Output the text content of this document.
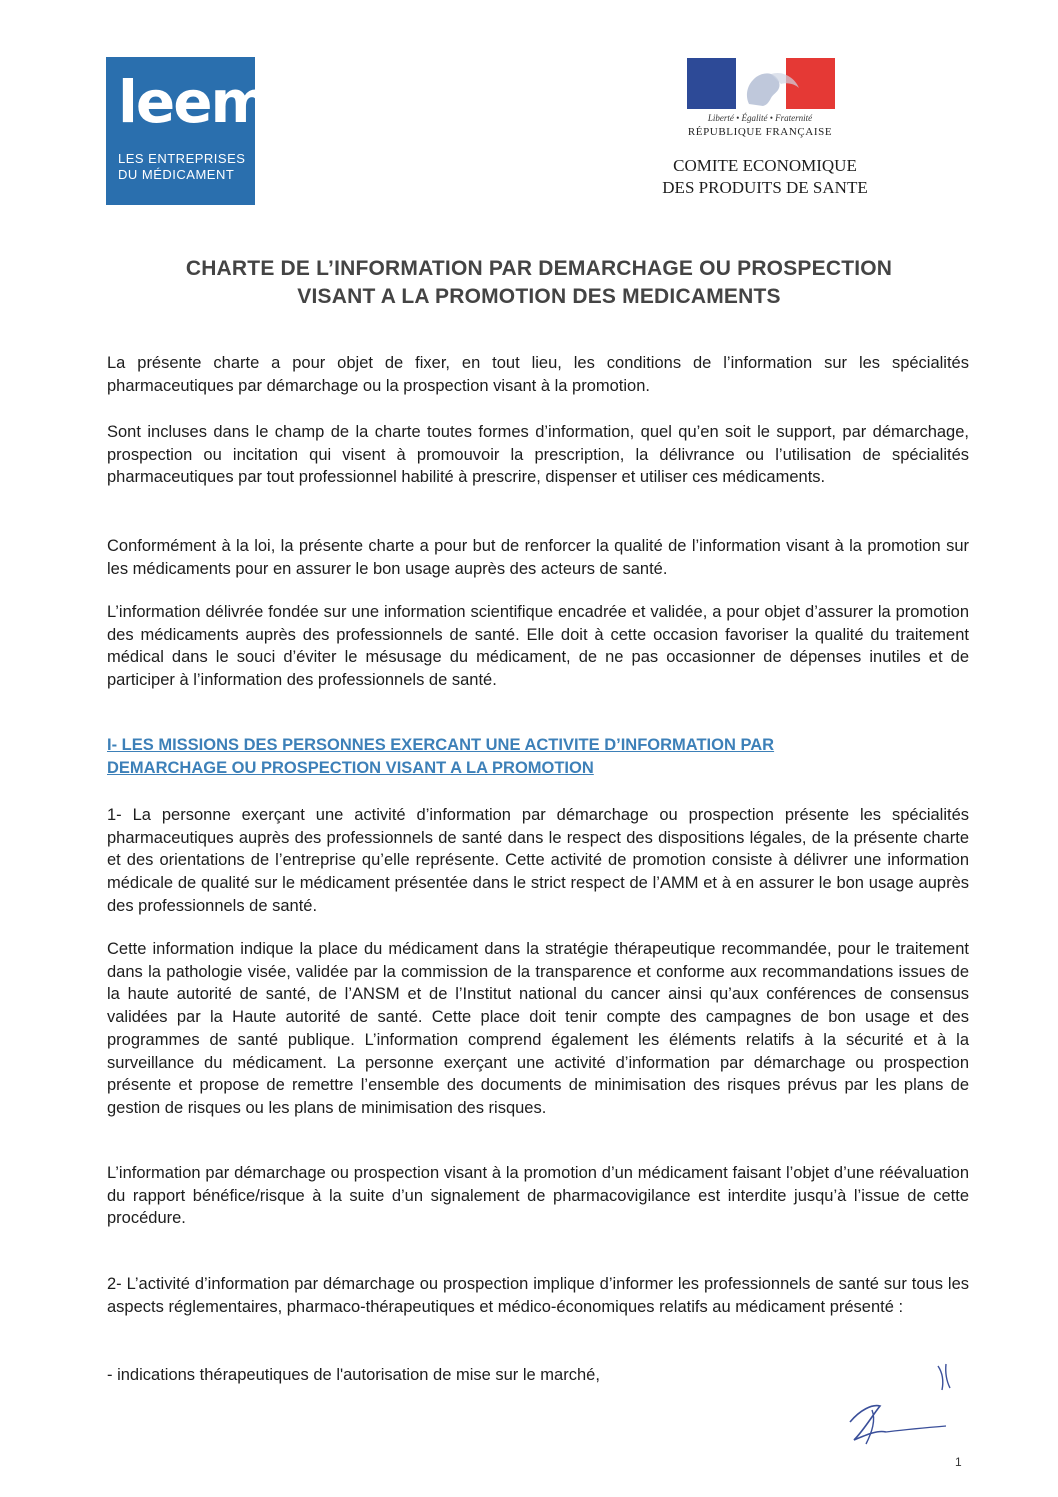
leem
LES ENTREPRISES
DU MÉDICAMENT
Liberté • Égalité • Fraternité
RÉPUBLIQUE FRANÇAISE
COMITE ECONOMIQUE
DES PRODUITS DE SANTE
CHARTE DE L’INFORMATION PAR DEMARCHAGE OU PROSPECTION
VISANT A LA PROMOTION DES MEDICAMENTS

La présente charte a pour objet de fixer, en tout lieu, les conditions de l’information sur les spécialités pharmaceutiques par démarchage ou la prospection visant à la promotion.

Sont incluses dans le champ de la charte toutes formes d’information, quel qu’en soit le support, par démarchage, prospection ou incitation qui visent à promouvoir la prescription, la délivrance ou l’utilisation de spécialités pharmaceutiques par tout professionnel habilité à prescrire, dispenser et utiliser ces médicaments.

Conformément à la loi, la présente charte a pour but de renforcer la qualité de l’information visant à la promotion sur les médicaments pour en assurer le bon usage auprès des acteurs de santé.

L’information délivrée fondée sur une information scientifique encadrée et validée, a pour objet d’assurer la promotion des médicaments auprès des professionnels de santé. Elle doit à cette occasion favoriser la qualité du traitement médical dans le souci d’éviter le mésusage du médicament, de ne pas occasionner de dépenses inutiles et de participer à l’information des professionnels de santé.

I- LES MISSIONS DES PERSONNES EXERCANT UNE ACTIVITE D’INFORMATION PAR
DEMARCHAGE OU PROSPECTION VISANT A LA PROMOTION

1- La personne exerçant une activité d’information par démarchage ou prospection présente les spécialités pharmaceutiques auprès des professionnels de santé dans le respect des dispositions légales, de la présente charte et des orientations de l’entreprise qu’elle représente. Cette activité de promotion consiste à délivrer une information médicale de qualité sur le médicament présentée dans le strict respect de l’AMM et à en assurer le bon usage auprès des professionnels de santé.

Cette information indique la place du médicament dans la stratégie thérapeutique recommandée, pour le traitement dans la pathologie visée, validée par la commission de la transparence et conforme aux recommandations issues de la haute autorité de santé, de l’ANSM et de l’Institut national du cancer ainsi qu’aux conférences de consensus validées par la Haute autorité de santé. Cette place doit tenir compte des campagnes de bon usage et des programmes de santé publique. L’information comprend également les éléments relatifs à la sécurité et à la surveillance du médicament. La personne exerçant une activité d’information par démarchage ou prospection présente et propose de remettre l’ensemble des documents de minimisation des risques prévus par les plans de gestion de risques ou les plans de minimisation des risques.

L’information par démarchage ou prospection visant à la promotion d’un médicament faisant l’objet d’une réévaluation du rapport bénéfice/risque à la suite d’un signalement de pharmacovigilance est interdite jusqu’à l’issue de cette procédure.

2- L’activité d’information par démarchage ou prospection implique d’informer les professionnels de santé sur tous les aspects réglementaires, pharmaco-thérapeutiques et médico-économiques relatifs au médicament présenté :

- indications thérapeutiques de l'autorisation de mise sur le marché,

1
